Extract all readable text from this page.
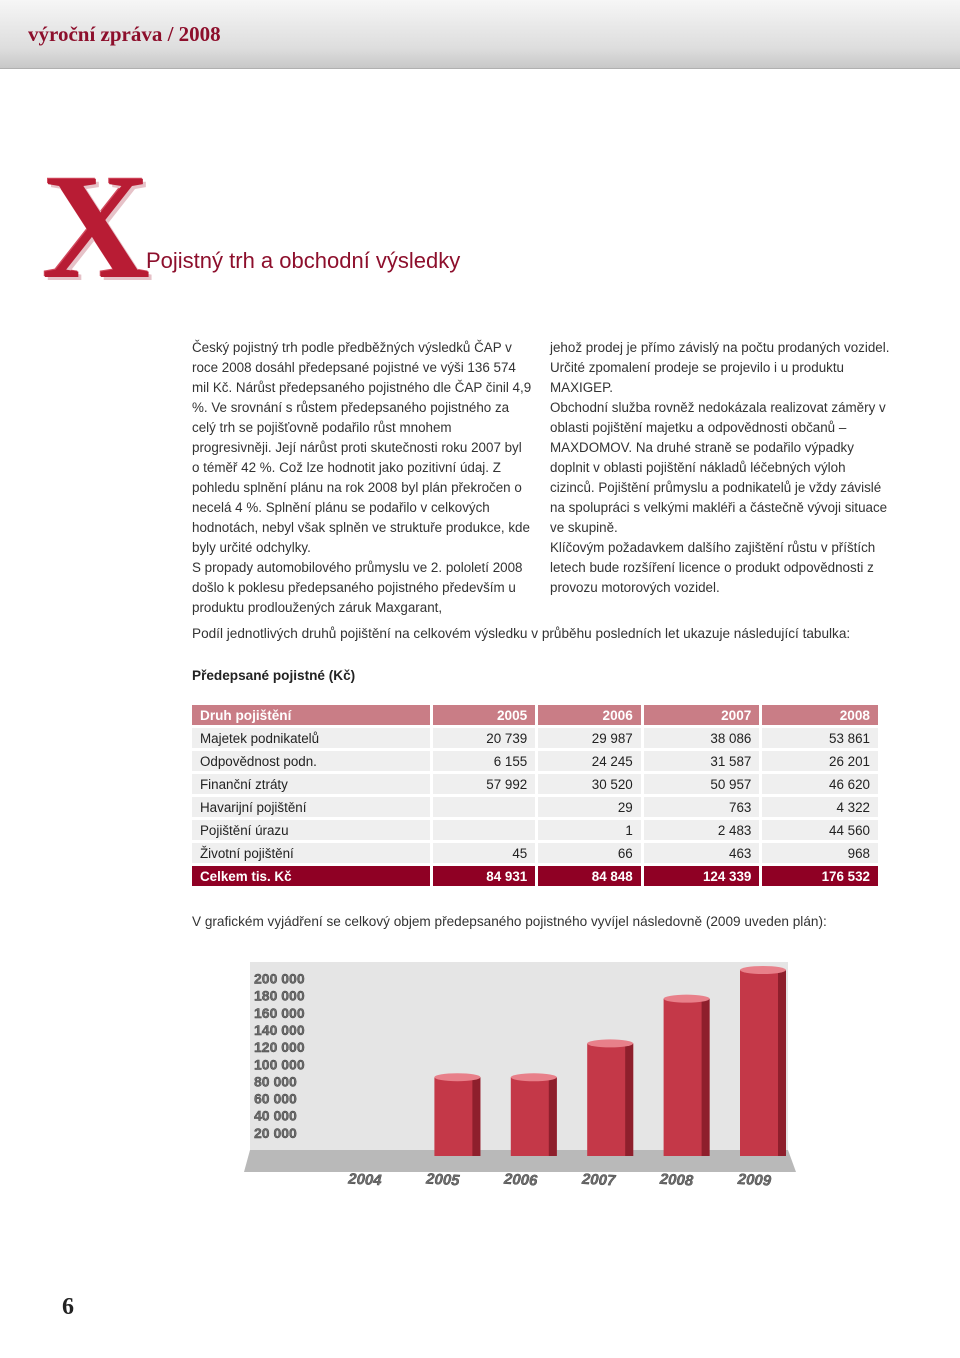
výroční zpráva / 2008
X Pojistný trh a obchodní výsledky

Český pojistný trh podle předběžných výsledků ČAP v roce 2008 dosáhl předepsané pojistné ve výši 136 574 mil Kč. Nárůst předepsaného pojistného dle ČAP činil 4,9 %. Ve srovnání s růstem předepsaného pojistného za celý trh se pojišťovně podařilo růst mnohem progresivněji. Její nárůst proti skutečnosti roku 2007 byl o téměř 42 %. Což lze hodnotit jako pozitivní údaj. Z pohledu splnění plánu na rok 2008 byl plán překročen o necelá 4 %. Splnění plánu se podařilo v celkových hodnotách, nebyl však splněn ve struktuře produkce, kde byly určité odchylky.

S propady automobilového průmyslu ve 2. pololetí 2008 došlo k poklesu předepsaného pojistného především u produktu prodloužených záruk Maxgarant,

jehož prodej je přímo závislý na počtu prodaných vozidel. Určité zpomalení prodeje se projevilo i u produktu MAXIGEP.

Obchodní služba rovněž nedokázala realizovat záměry v oblasti pojištění majetku a odpovědnosti občanů – MAXDOMOV. Na druhé straně se podařilo výpadky doplnit v oblasti pojištění nákladů léčebných výloh cizinců. Pojištění průmyslu a podnikatelů je vždy závislé na spolupráci s velkými makléři a částečně vývoji situace ve skupině.

Klíčovým požadavkem dalšího zajištění růstu v příštích letech bude rozšíření licence o produkt odpovědnosti z provozu motorových vozidel.

Podíl jednotlivých druhů pojištění na celkovém výsledku v průběhu posledních let ukazuje následující tabulka:
Předepsané pojistné (Kč)
Druh pojištění	2005	2006	2007	2008
Majetek podnikatelů	20 739	29 987	38 086	53 861
Odpovědnost podn.	6 155	24 245	31 587	26 201
Finanční ztráty	57 992	30 520	50 957	46 620
Havarijní pojištění		29	763	4 322
Pojištění úrazu		1	2 483	44 560
Životní pojištění	45	66	463	968
Celkem tis. Kč	84 931	84 848	124 339	176 532
V grafickém vyjádření se celkový objem předepsaného pojistného vyvíjel následovně (2009 uveden plán):
20 000
40 000
60 000
80 000
100 000
120 000
140 000
160 000
180 000
200 000
2004	2005	2006	2007	2008	2009
6
